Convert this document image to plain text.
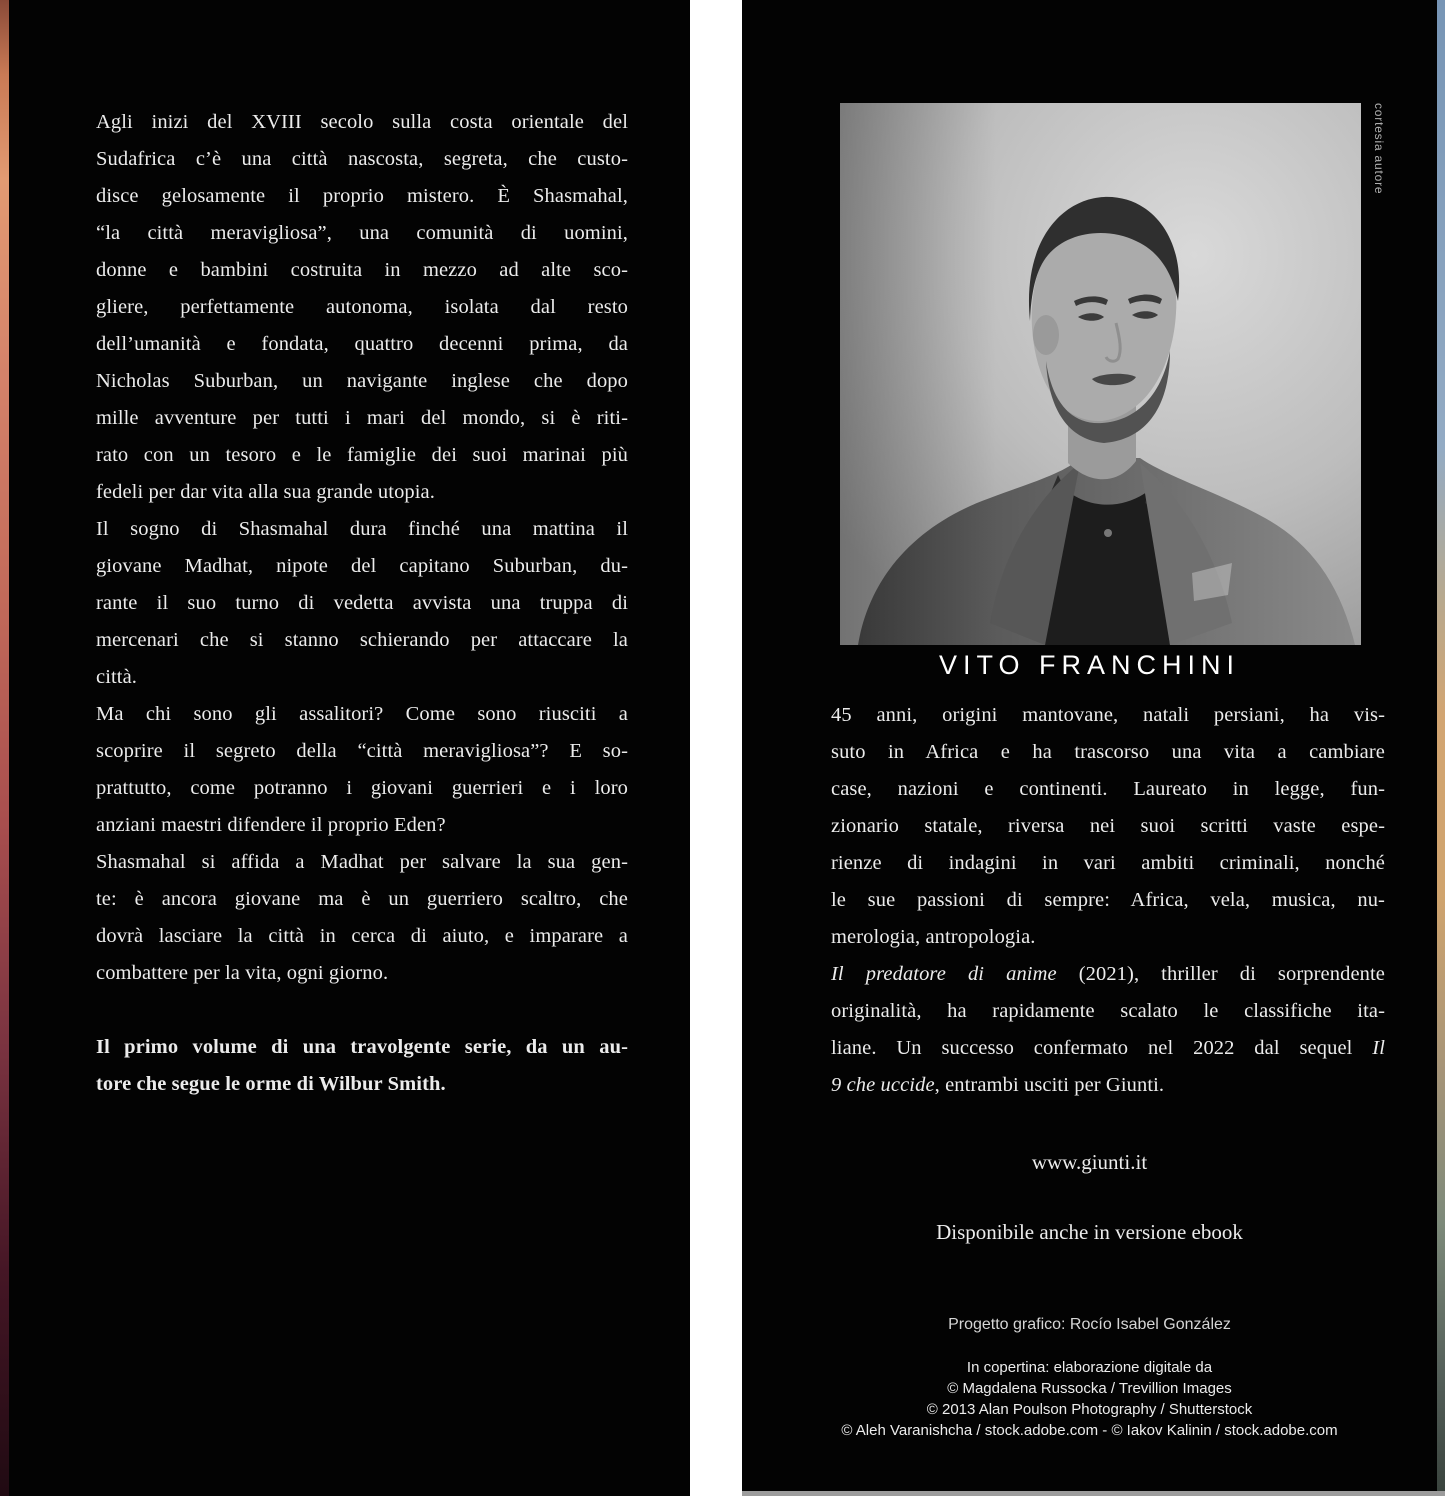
Agli inizi del XVIII secolo sulla costa orientale del
Sudafrica c’è una città nascosta, segreta, che custo-
disce gelosamente il proprio mistero. È Shasmahal,
“la città meravigliosa”, una comunità di uomini,
donne e bambini costruita in mezzo ad alte sco-
gliere, perfettamente autonoma, isolata dal resto
dell’umanità e fondata, quattro decenni prima, da
Nicholas Suburban, un navigante inglese che dopo
mille avventure per tutti i mari del mondo, si è riti-
rato con un tesoro e le famiglie dei suoi marinai più
fedeli per dar vita alla sua grande utopia.
Il sogno di Shasmahal dura finché una mattina il
giovane Madhat, nipote del capitano Suburban, du-
rante il suo turno di vedetta avvista una truppa di
mercenari che si stanno schierando per attaccare la
città.
Ma chi sono gli assalitori? Come sono riusciti a
scoprire il segreto della “città meravigliosa”? E so-
prattutto, come potranno i giovani guerrieri e i loro
anziani maestri difendere il proprio Eden?
Shasmahal si affida a Madhat per salvare la sua gen-
te: è ancora giovane ma è un guerriero scaltro, che
dovrà lasciare la città in cerca di aiuto, e imparare a
combattere per la vita, ogni giorno.
Il primo volume di una travolgente serie, da un au-
tore che segue le orme di Wilbur Smith.
cortesia autore
VITO FRANCHINI
45 anni, origini mantovane, natali persiani, ha vis-
suto in Africa e ha trascorso una vita a cambiare
case, nazioni e continenti. Laureato in legge, fun-
zionario statale, riversa nei suoi scritti vaste espe-
rienze di indagini in vari ambiti criminali, nonché
le sue passioni di sempre: Africa, vela, musica, nu-
merologia, antropologia.
Il predatore di anime (2021), thriller di sorprendente
originalità, ha rapidamente scalato le classifiche ita-
liane. Un successo confermato nel 2022 dal sequel Il
9 che uccide, entrambi usciti per Giunti.
www.giunti.it
Disponibile anche in versione ebook
Progetto grafico: Rocío Isabel González
In copertina: elaborazione digitale da
© Magdalena Russocka / Trevillion Images
© 2013 Alan Poulson Photography / Shutterstock
© Aleh Varanishcha / stock.adobe.com - © Iakov Kalinin / stock.adobe.com
